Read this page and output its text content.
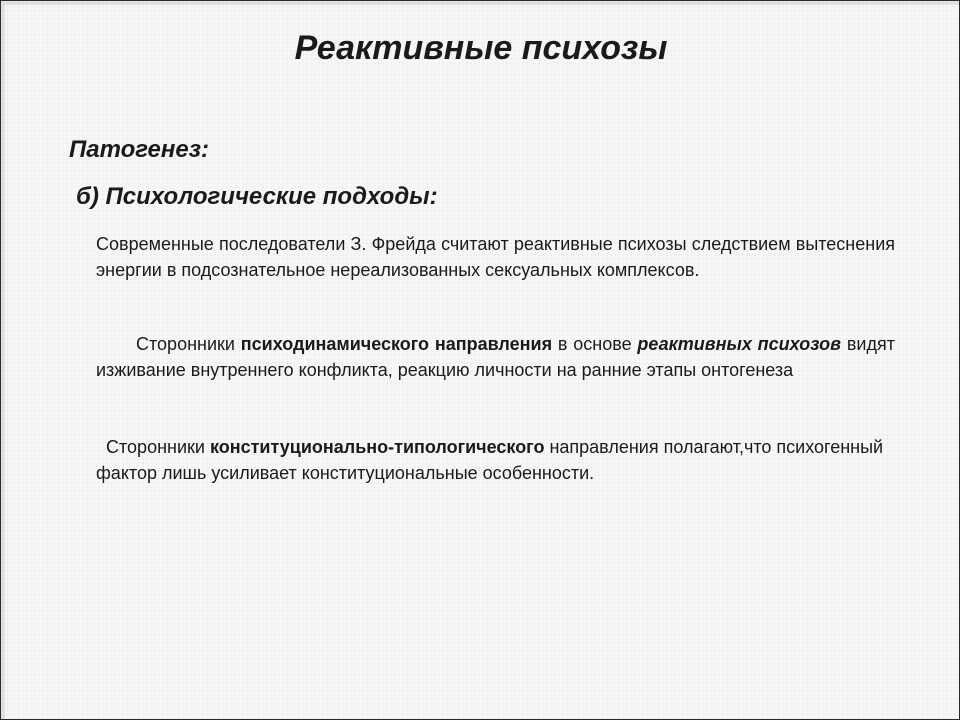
Реактивные психозы
Патогенез:
б) Психологические подходы:

Современные последователи З. Фрейда считают реактивные психозы следствием вытеснения энергии в подсознательное нереализованных сексуальных комплексов.

Сторонники психодинамического направления в основе реактивных психозов видят изживание внутреннего конфликта, реакцию личности на ранние этапы онтогенеза

Сторонники конституционально-типологического направления полагают,что психогенный фактор лишь усиливает конституциональные особенности.
